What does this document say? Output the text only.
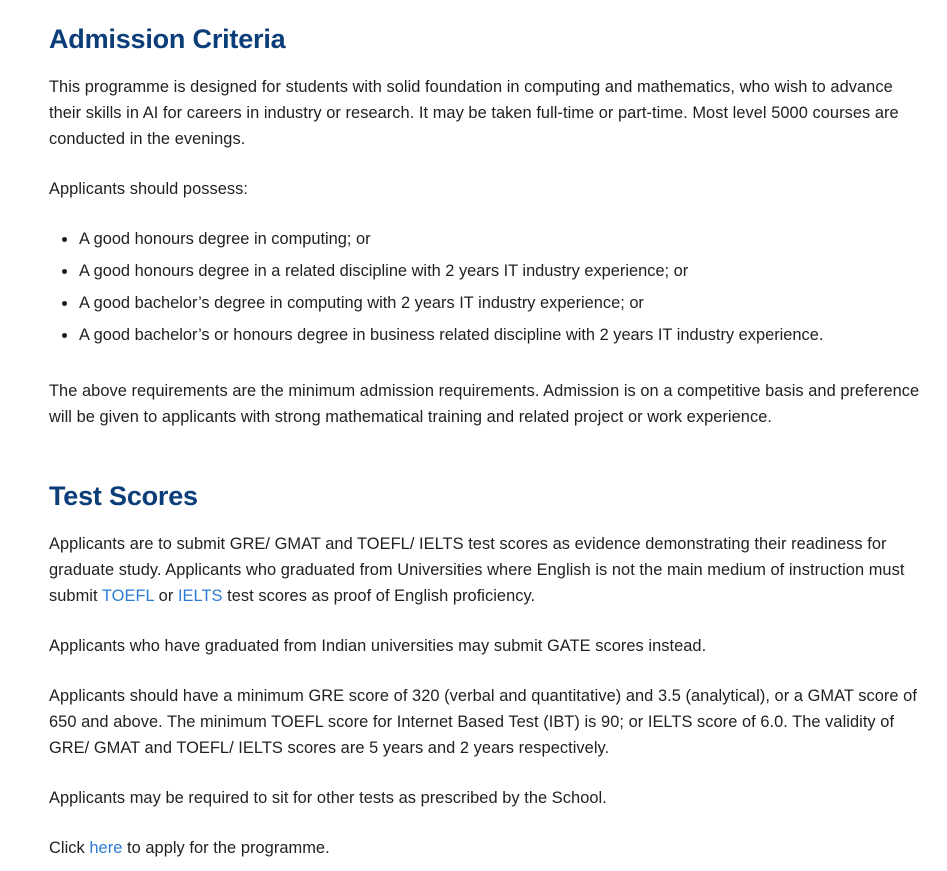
Admission Criteria

This programme is designed for students with solid foundation in computing and mathematics, who wish to advance their skills in AI for careers in industry or research. It may be taken full-time or part-time. Most level 5000 courses are conducted in the evenings.

Applicants should possess:

A good honours degree in computing; or
A good honours degree in a related discipline with 2 years IT industry experience; or
A good bachelor’s degree in computing with 2 years IT industry experience; or
A good bachelor’s or honours degree in business related discipline with 2 years IT industry experience.

The above requirements are the minimum admission requirements. Admission is on a competitive basis and preference will be given to applicants with strong mathematical training and related project or work experience.

Test Scores

Applicants are to submit GRE/ GMAT and TOEFL/ IELTS test scores as evidence demonstrating their readiness for graduate study. Applicants who graduated from Universities where English is not the main medium of instruction must submit TOEFL or IELTS test scores as proof of English proficiency.

Applicants who have graduated from Indian universities may submit GATE scores instead.

Applicants should have a minimum GRE score of 320 (verbal and quantitative) and 3.5 (analytical), or a GMAT score of 650 and above. The minimum TOEFL score for Internet Based Test (IBT) is 90; or IELTS score of 6.0. The validity of GRE/ GMAT and TOEFL/ IELTS scores are 5 years and 2 years respectively.

Applicants may be required to sit for other tests as prescribed by the School.

Click here to apply for the programme.
